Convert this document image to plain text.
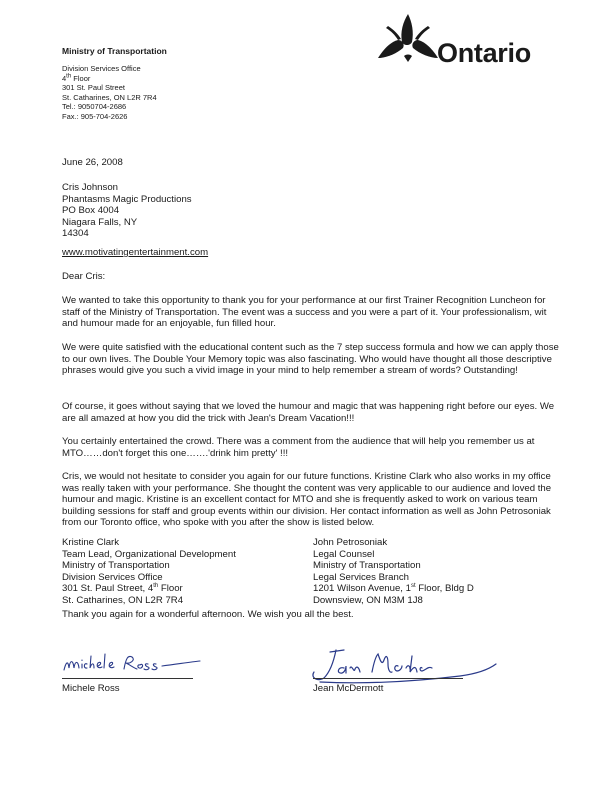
Ministry of Transportation
Division Services Office
4th Floor
301 St. Paul Street
St. Catharines, ON L2R 7R4
Tel.: 9050704-2686
Fax.: 905-704-2626
Ontario
June 26, 2008
Cris Johnson
Phantasms Magic Productions
PO Box 4004
Niagara Falls, NY
14304
www.motivatingentertainment.com
Dear Cris:
We wanted to take this opportunity to thank you for your performance at our first Trainer Recognition Luncheon for staff of the Ministry of Transportation. The event was a success and you were a part of it. Your professionalism, wit and humour made for an enjoyable, fun filled hour.
We were quite satisfied with the educational content such as the 7 step success formula and how we can apply those to our own lives. The Double Your Memory topic was also fascinating. Who would have thought all those descriptive phrases would give you such a vivid image in your mind to help remember a stream of words? Outstanding!
Of course, it goes without saying that we loved the humour and magic that was happening right before our eyes. We are all amazed at how you did the trick with Jean's Dream Vacation!!!
You certainly entertained the crowd. There was a comment from the audience that will help you remember us at MTO……don't forget this one…….'drink him pretty' !!!
Cris, we would not hesitate to consider you again for our future functions. Kristine Clark who also works in my office was really taken with your performance. She thought the content was very applicable to our audience and loved the humour and magic. Kristine is an excellent contact for MTO and she is frequently asked to work on various team building sessions for staff and group events within our division. Her contact information as well as John Petrosoniak from our Toronto office, who spoke with you after the show is listed below.
Kristine Clark
Team Lead, Organizational Development
Ministry of Transportation
Division Services Office
301 St. Paul Street, 4th Floor
St. Catharines, ON L2R 7R4
John Petrosoniak
Legal Counsel
Ministry of Transportation
Legal Services Branch
1201 Wilson Avenue, 1st Floor, Bldg D
Downsview, ON M3M 1J8
Thank you again for a wonderful afternoon. We wish you all the best.
Michele Ross	Jean McDermott
